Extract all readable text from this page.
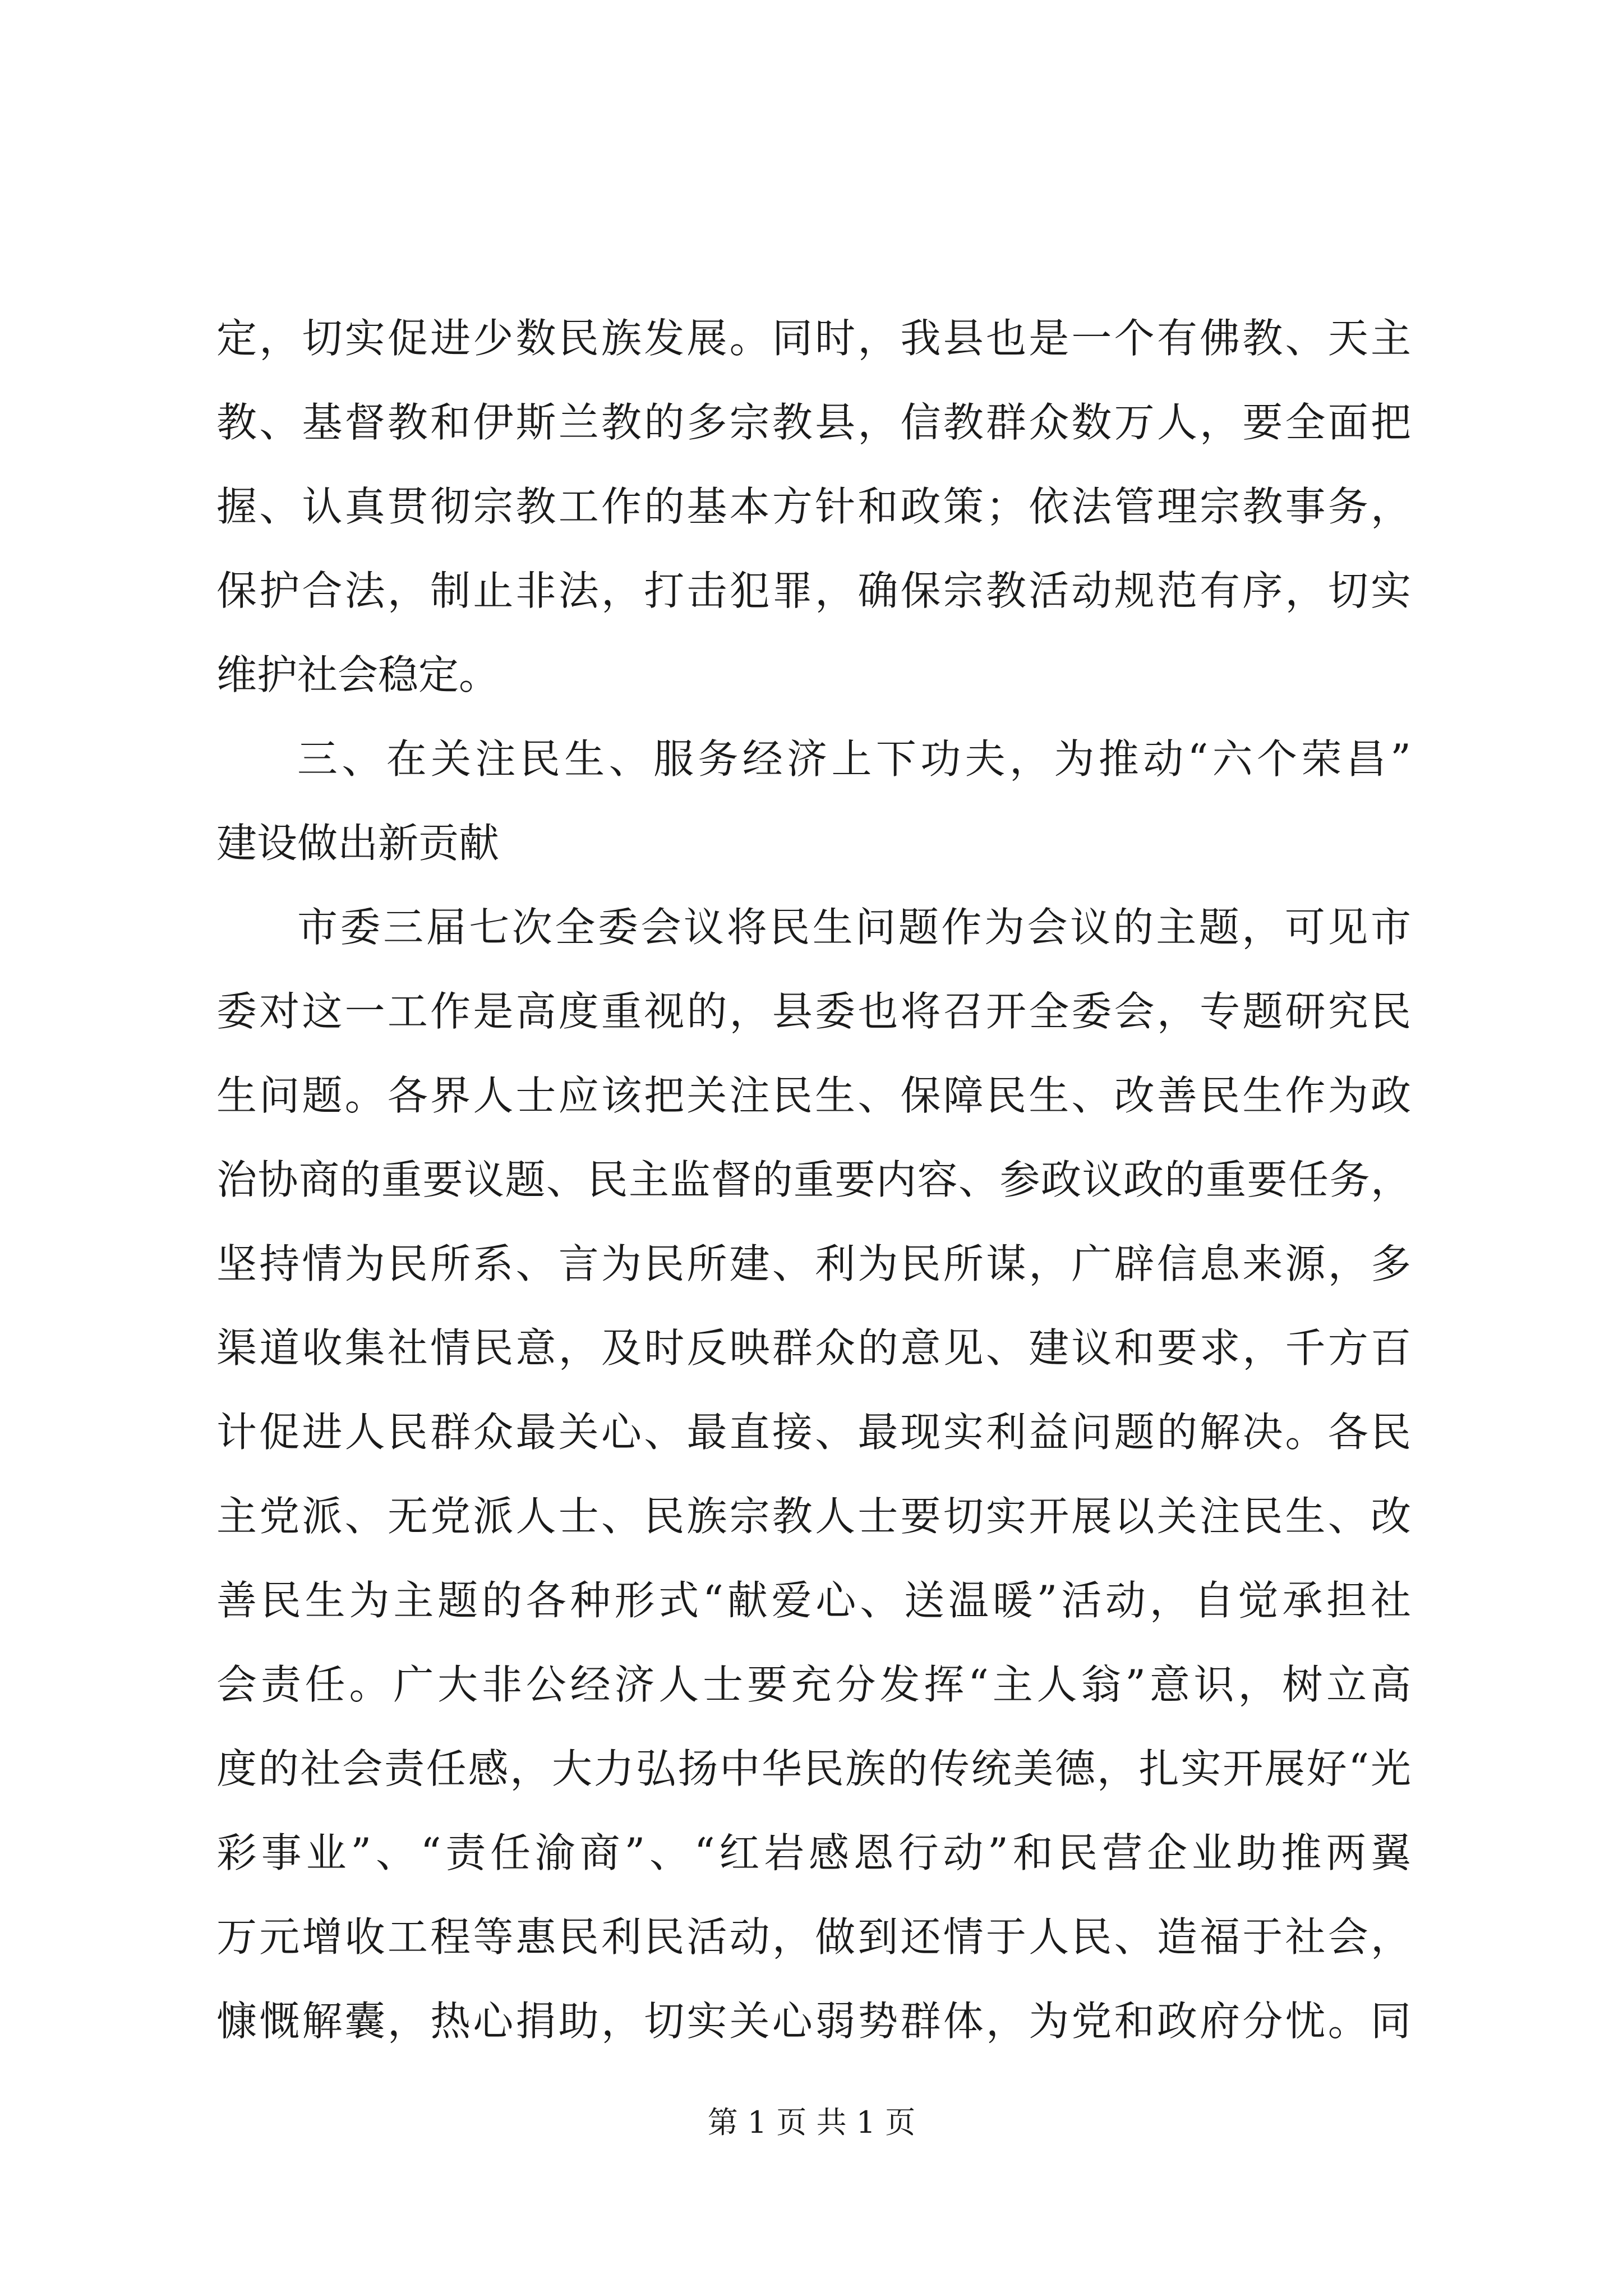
定，切实促进少数民族发展。同时，我县也是一个有佛教、天主
教、基督教和伊斯兰教的多宗教县，信教群众数万人，要全面把
握、认真贯彻宗教工作的基本方针和政策；依法管理宗教事务，
保护合法，制止非法，打击犯罪，确保宗教活动规范有序，切实
维护社会稳定。
三、在关注民生、服务经济上下功夫，为推动“六个荣昌”
建设做出新贡献
市委三届七次全委会议将民生问题作为会议的主题，可见市
委对这一工作是高度重视的，县委也将召开全委会，专题研究民
生问题。各界人士应该把关注民生、保障民生、改善民生作为政
治协商的重要议题、民主监督的重要内容、参政议政的重要任务，
坚持情为民所系、言为民所建、利为民所谋，广辟信息来源，多
渠道收集社情民意，及时反映群众的意见、建议和要求，千方百
计促进人民群众最关心、最直接、最现实利益问题的解决。各民
主党派、无党派人士、民族宗教人士要切实开展以关注民生、改
善民生为主题的各种形式“献爱心、送温暖”活动，自觉承担社
会责任。广大非公经济人士要充分发挥“主人翁”意识，树立高
度的社会责任感，大力弘扬中华民族的传统美德，扎实开展好“光
彩事业”、“责任渝商”、“红岩感恩行动”和民营企业助推两翼
万元增收工程等惠民利民活动，做到还情于人民、造福于社会，
慷慨解囊，热心捐助，切实关心弱势群体，为党和政府分忧。同
第 1 页 共 1 页
